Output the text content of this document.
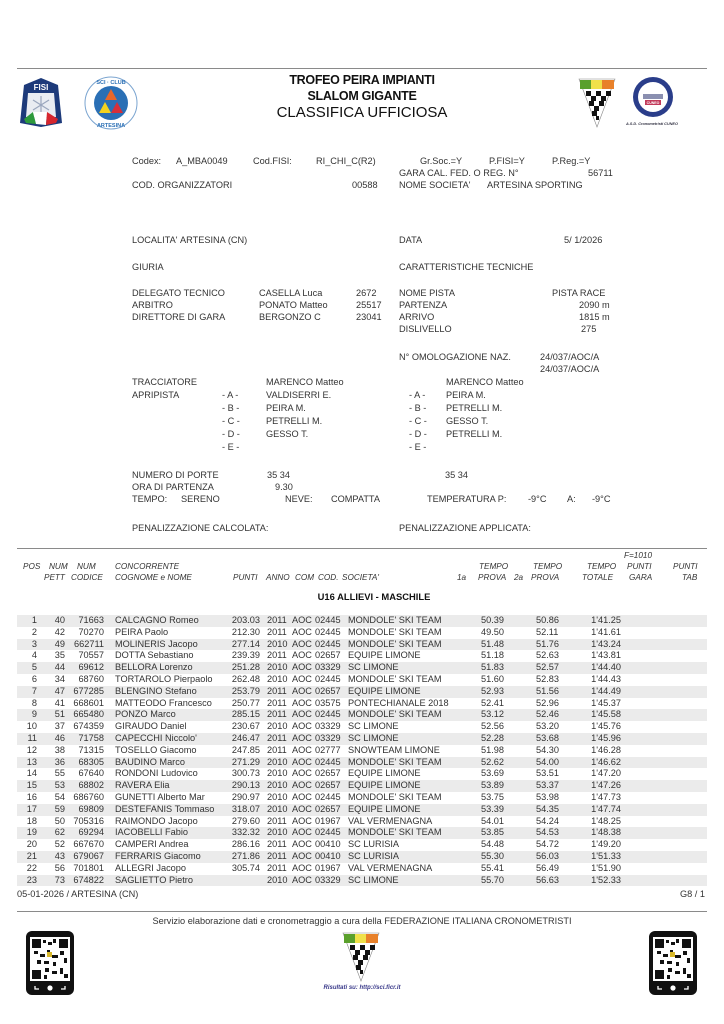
FISI	SCI · CLUB
ARTESINA
TROFEO PEIRA IMPIANTI
SLALOM GIGANTE
CLASSIFICA UFFICIOSA
CUNEO
A.S.D. Cronometristi CUNEO
Codex: A_MBA0049	Cod.FISI:	RI_CHI_C(R2)	Gr.Soc.=Y	P.FISI=Y	P.Reg.=Y
GARA CAL. FED. O REG. N°	56711
COD. ORGANIZZATORI	00588 NOME SOCIETA' ARTESINA SPORTING
LOCALITA' ARTESINA (CN)	DATA	5/ 1/2026
GIURIA	CARATTERISTICHE TECNICHE
DELEGATO TECNICO	CASELLA Luca	2672
ARBITRO	PONATO Matteo	25517
DIRETTORE DI GARA	BERGONZO C	23041
NOME PISTA	PISTA RACE
PARTENZA	2090 m
ARRIVO	1815 m
DISLIVELLO	275
N° OMOLOGAZIONE NAZ.	24/037/AOC/A
24/037/AOC/A
TRACCIATORE	MARENCO Matteo	MARENCO Matteo
APRIPISTA	- A -	VALDISERRI E.
- B -	PEIRA M.
- C -	PETRELLI M.
- D -	GESSO T.
- E -
- A - PEIRA M.
- B - PETRELLI M.
- C - GESSO T.
- D - PETRELLI M.
- E -
NUMERO DI PORTE	35 34	35 34
ORA DI PARTENZA	9.30
TEMPO: SERENO	NEVE: COMPATTA	TEMPERATURA P: -9°C A: -9°C
PENALIZZAZIONE CALCOLATA:	PENALIZZAZIONE APPLICATA:
POS NUM
PETT
NUM
CODICE
CONCORRENTE
COGNOME e NOME	PUNTI ANNO COM COD. SOCIETA'	1a
TEMPO
PROVA 2a
TEMPO
PROVA
TEMPO
TOTALE
F=1010
PUNTI
GARA
PUNTI
TAB
U16 ALLIEVI - MASCHILE
1	40	71663 CALCAGNO Romeo	203.03 2011 AOC 02445 MONDOLE' SKI TEAM	50.39	50.86	1'41.25
2	42	70270 PEIRA Paolo	212.30 2011 AOC 02445 MONDOLE' SKI TEAM	49.50	52.11	1'41.61
3	49 662711 MOLINERIS Jacopo	277.14 2010 AOC 02445 MONDOLE' SKI TEAM	51.48	51.76	1'43.24
4	35	70557 DOTTA Sebastiano	239.39 2011 AOC 02657 EQUIPE LIMONE	51.18	52.63	1'43.81
5	44	69612 BELLORA Lorenzo	251.28 2010 AOC 03329 SC LIMONE	51.83	52.57	1'44.40
6	34	68760 TORTAROLO Pierpaolo	262.48 2010 AOC 02445 MONDOLE' SKI TEAM	51.60	52.83	1'44.43
7	47 677285 BLENGINO Stefano	253.79 2011 AOC 02657 EQUIPE LIMONE	52.93	51.56	1'44.49
8	41 668601 MATTEODO Francesco	250.77 2011 AOC 03575 PONTECHIANALE 2018	52.41	52.96	1'45.37
9	51 665480 PONZO Marco	285.15 2011 AOC 02445 MONDOLE' SKI TEAM	53.12	52.46	1'45.58
10	37 674359 GIRAUDO Daniel	230.67 2010 AOC 03329 SC LIMONE	52.56	53.20	1'45.76
11	46	71758 CAPECCHI Niccolo'	246.47 2011 AOC 03329 SC LIMONE	52.28	53.68	1'45.96
12	38	71315 TOSELLO Giacomo	247.85 2011 AOC 02777 SNOWTEAM LIMONE	51.98	54.30	1'46.28
13	36	68305 BAUDINO Marco	271.29 2010 AOC 02445 MONDOLE' SKI TEAM	52.62	54.00	1'46.62
14	55	67640 RONDONI Ludovico	300.73 2010 AOC 02657 EQUIPE LIMONE	53.69	53.51	1'47.20
15	53	68802 RAVERA Elia	290.13 2010 AOC 02657 EQUIPE LIMONE	53.89	53.37	1'47.26
16	54 686760 GUNETTI Alberto Mar	290.97 2010 AOC 02445 MONDOLE' SKI TEAM	53.75	53.98	1'47.73
17	59	69809 DESTEFANIS Tommaso	318.07 2010 AOC 02657 EQUIPE LIMONE	53.39	54.35	1'47.74
18	50 705316 RAIMONDO Jacopo	279.60 2011 AOC 01967 VAL VERMENAGNA	54.01	54.24	1'48.25
19	62	69294 IACOBELLI Fabio	332.32 2010 AOC 02445 MONDOLE' SKI TEAM	53.85	54.53	1'48.38
20	52 667670 CAMPERI Andrea	286.16 2011 AOC 00410 SC LURISIA	54.48	54.72	1'49.20
21	43 679067 FERRARIS Giacomo	271.86 2011 AOC 00410 SC LURISIA	55.30	56.03	1'51.33
22	56 701801 ALLEGRI Jacopo	305.74 2011 AOC 01967 VAL VERMENAGNA	55.41	56.49	1'51.90
23	73 674822 SAGLIETTO Pietro	2010 AOC 03329 SC LIMONE	55.70	56.63	1'52.33
05-01-2026 / ARTESINA (CN)	G8 / 1
Servizio elaborazione dati e cronometraggio a cura della FEDERAZIONE ITALIANA CRONOMETRISTI
Risultati su: http://sci.ficr.it
